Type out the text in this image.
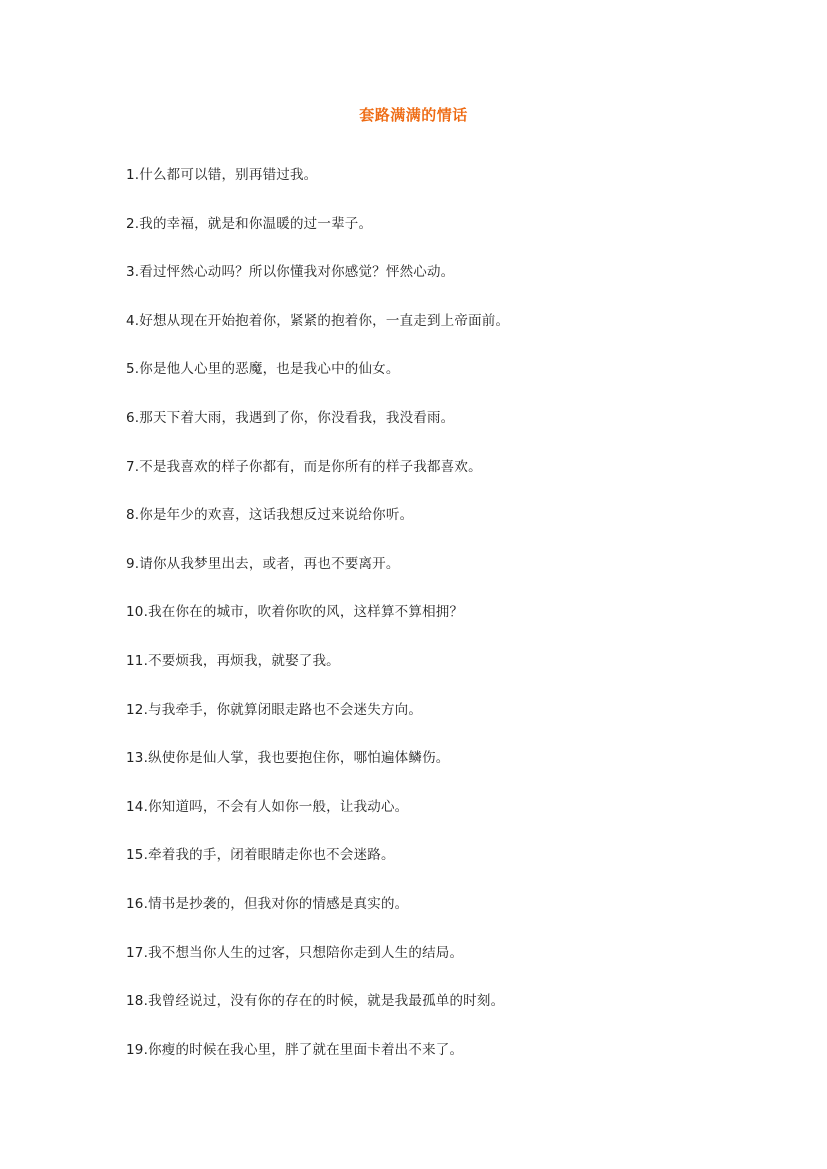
套路满满的情话
1.什么都可以错，别再错过我。
2.我的幸福，就是和你温暖的过一辈子。
3.看过怦然心动吗？所以你懂我对你感觉？怦然心动。
4.好想从现在开始抱着你，紧紧的抱着你，一直走到上帝面前。
5.你是他人心里的恶魔，也是我心中的仙女。
6.那天下着大雨，我遇到了你，你没看我，我没看雨。
7.不是我喜欢的样子你都有，而是你所有的样子我都喜欢。
8.你是年少的欢喜，这话我想反过来说给你听。
9.请你从我梦里出去，或者，再也不要离开。
10.我在你在的城市，吹着你吹的风，这样算不算相拥？
11.不要烦我，再烦我，就娶了我。
12.与我牵手，你就算闭眼走路也不会迷失方向。
13.纵使你是仙人掌，我也要抱住你，哪怕遍体鳞伤。
14.你知道吗，不会有人如你一般，让我动心。
15.牵着我的手，闭着眼睛走你也不会迷路。
16.情书是抄袭的，但我对你的情感是真实的。
17.我不想当你人生的过客，只想陪你走到人生的结局。
18.我曾经说过，没有你的存在的时候，就是我最孤单的时刻。
19.你瘦的时候在我心里，胖了就在里面卡着出不来了。
